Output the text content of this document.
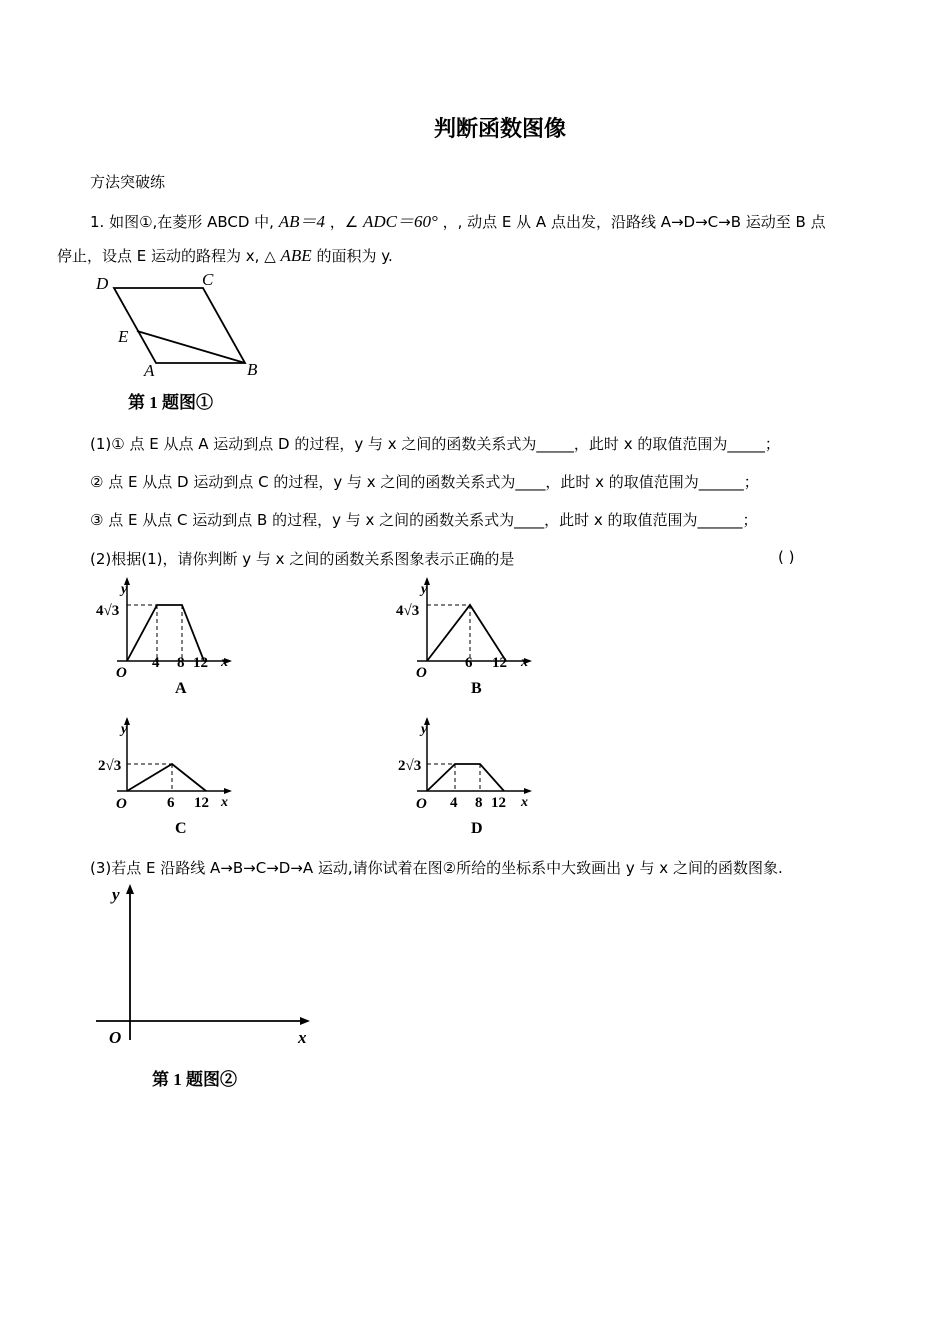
判断函数图像
方法突破练
1. 如图①,在菱形 ABCD 中, AB＝4 ，∠ ADC＝60° ，, 动点 E 从 A 点出发，沿路线 A→D→C→B 运动至 B 点
停止，设点 E 运动的路程为 x, △ ABE 的面积为 y.
D	C
E
A	B
第 1 题图①
(1)① 点 E 从点 A 运动到点 D 的过程，y 与 x 之间的函数关系式为_____，此时 x 的取值范围为_____；
② 点 E 从点 D 运动到点 C 的过程，y 与 x 之间的函数关系式为____，此时 x 的取值范围为______；
③ 点 E 从点 C 运动到点 B 的过程，y 与 x 之间的函数关系式为____，此时 x 的取值范围为______；
(2)根据(1)，请你判断 y 与 x 之间的函数关系图象表示正确的是	( )
y
4√3
O
4 8 12 x
A
y
4√3
O
6 12 x
B
y
2√3
O	6 12 x
C
y
2√3
O 4 8 12 x
D
(3)若点 E 沿路线 A→B→C→D→A 运动,请你试着在图②所给的坐标系中大致画出 y 与 x 之间的函数图象.
y
x
O
第 1 题图②
